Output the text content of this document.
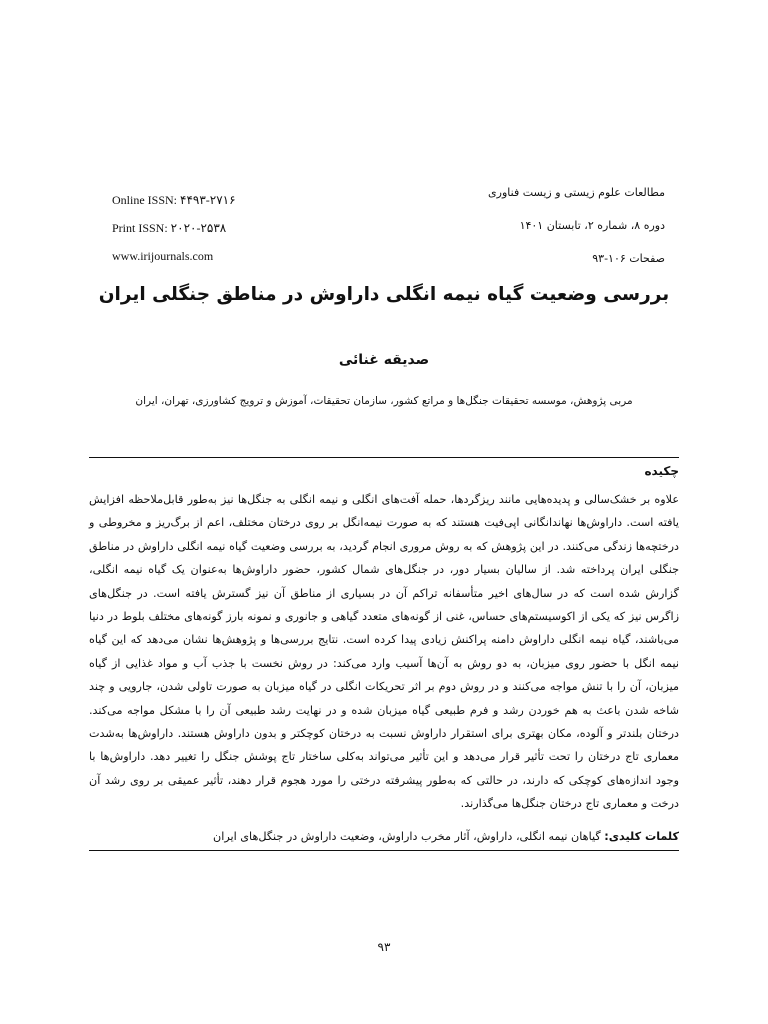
Online ISSN: ۴۴۹۳-۲۷۱۶
Print ISSN: ۲۰۲۰-۲۵۳۸
www.irijournals.com
مطالعات علوم زیستی و زیست فناوری
دوره ۸، شماره ۲، تابستان ۱۴۰۱
صفحات ۱۰۶-۹۳
بررسی وضعیت گیاه نیمه انگلی داراوش در مناطق جنگلی ایران
صدیقه غنائی
مربی پژوهش، موسسه تحقیقات جنگل‌ها و مراتع کشور، سازمان تحقیقات، آموزش و ترویج کشاورزی، تهران، ایران
چکیده
علاوه بر خشک‌سالی و پدیده‌هایی مانند ریزگردها، حمله آفت‌های انگلی و نیمه انگلی به جنگل‌ها نیز به‌طور قابل‌ملاحظه افزایش یافته است. داراوش‌ها نهاندانگانی اپی‌فیت هستند که به صورت نیمه‌انگل بر روی درختان مختلف، اعم از برگ‌ریز و مخروطی و درختچه‌ها زندگی می‌کنند. در این پژوهش که به روش مروری انجام گردید، به بررسی وضعیت گیاه نیمه انگلی داراوش در مناطق جنگلی ایران پرداخته شد. از سالیان بسیار دور، در جنگل‌های شمال کشور، حضور داراوش‌ها به‌عنوان یک گیاه نیمه انگلی، گزارش شده است که در سال‌های اخیر متأسفانه تراکم آن در بسیاری از مناطق آن نیز گسترش یافته است. در جنگل‌های زاگرس نیز که یکی از اکوسیستم‌های حساس، غنی از گونه‌های متعدد گیاهی و جانوری و نمونه بارز گونه‌های مختلف بلوط در دنیا می‌باشند، گیاه نیمه انگلی داراوش دامنه پراکنش زیادی پیدا کرده است. نتایج بررسی‌ها و پژوهش‌ها نشان می‌دهد که این گیاه نیمه انگل با حضور روی میزبان، به دو روش به آن‌ها آسیب وارد می‌کند: در روش نخست با جذب آب و مواد غذایی از گیاه میزبان، آن را با تنش مواجه می‌کنند و در روش دوم بر اثر تحریکات انگلی در گیاه میزبان به صورت تاولی شدن، جارویی و چند شاخه شدن باعث به هم خوردن رشد و فرم طبیعی گیاه میزبان شده و در نهایت رشد طبیعی آن را با مشکل مواجه می‌کند. درختان بلندتر و آلوده، مکان بهتری برای استقرار داراوش نسبت به درختان کوچکتر و بدون داراوش هستند. داراوش‌ها به‌شدت معماری تاج درختان را تحت تأثیر قرار می‌دهد و این تأثیر می‌تواند به‌کلی ساختار تاج پوشش جنگل را تغییر دهد. داراوش‌ها با وجود اندازه‌های کوچکی که دارند، در حالتی که به‌طور پیشرفته درختی را مورد هجوم قرار دهند، تأثیر عمیقی بر روی رشد آن درخت و معماری تاج درختان جنگل‌ها می‌گذارند.
کلمات کلیدی: گیاهان نیمه انگلی، داراوش، آثار مخرب داراوش، وضعیت داراوش در جنگل‌های ایران
۹۳
